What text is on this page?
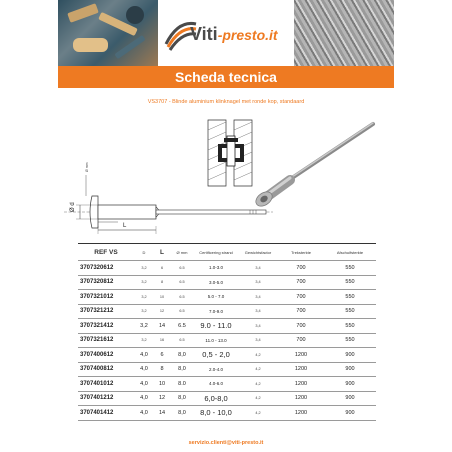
Viti-presto.it
Scheda tecnica
VS3707 - Blinde aluminium klinknagel met ronde kop, standaard
Ø d
L
Ø mm
REF VS	D	L	Ø mm	Certificering strand	Gewichtsfactor	Treksterkte	Afschuifsterkte
3707320612	3,2	6	6.5	1.0-3.0	3,4	700	550
3707320812	3,2	8	6.5	3.0-5.0	3,4	700	550
3707321012	3,2	10	6.5	5.0 - 7.0	3,4	700	550
3707321212	3,2	12	6.5	7.0-9.0	3,4	700	550
3707321412	3,2	14	6.5	9.0 - 11.0	3,4	700	550
3707321612	3,2	16	6.5	11.0 - 13.0	3,4	700	550
3707400612	4,0	6	8,0	0,5 - 2,0	4,2	1200	900
3707400812	4,0	8	8,0	2.0-4.0	4,2	1200	900
3707401012	4,0	10	8.0	4.0-6.0	4,2	1200	900
3707401212	4,0	12	8,0	6,0-8,0	4,2	1200	900
3707401412	4,0	14	8,0	8,0 - 10,0	4,2	1200	900
servizio.clienti@viti-presto.it
